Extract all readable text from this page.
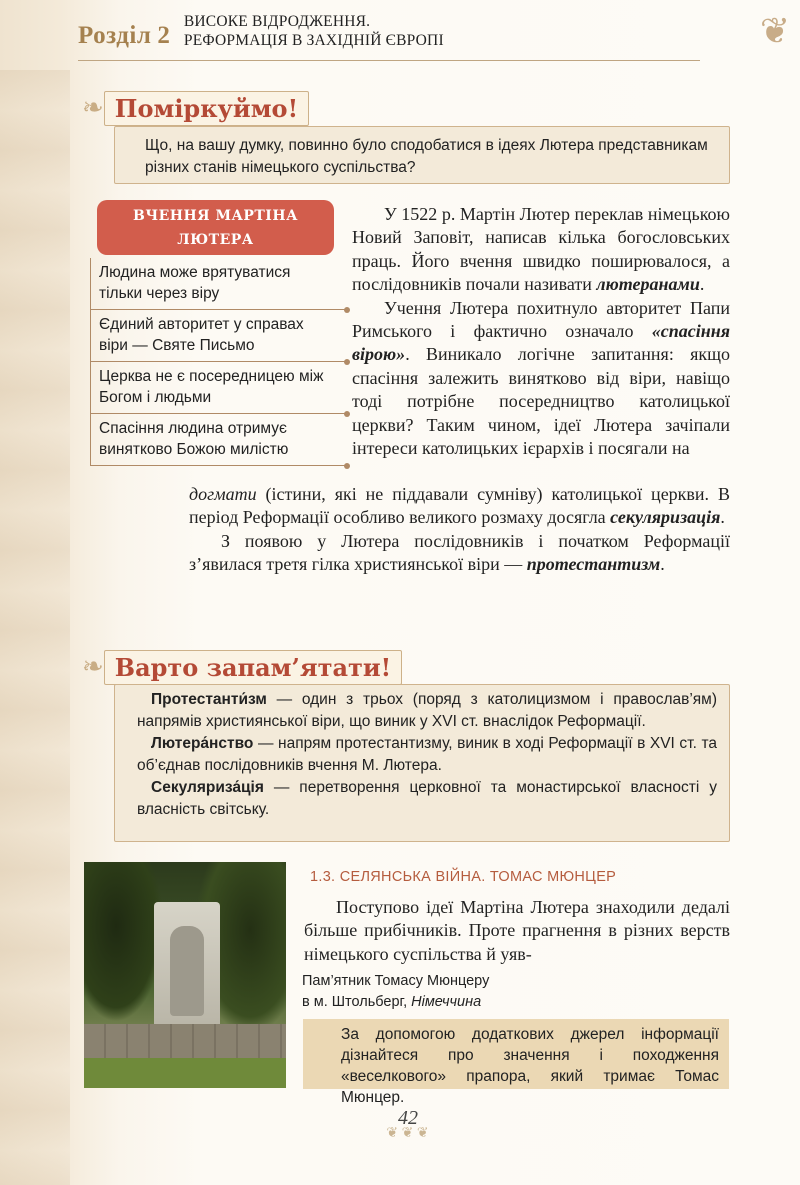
❦
Розділ 2
ВИСОКЕ ВІДРОДЖЕННЯ.
РЕФОРМАЦІЯ В ЗАХІДНІЙ ЄВРОПІ
❧ Поміркуймо!

Що, на вашу думку, повинно було сподобатися в ідеях Лютера представникам різних станів німецького суспільства?

ВЧЕННЯ МАРТІНА
ЛЮТЕРА
Людина може врятуватися тільки через віру
Єдиний авторитет у справах віри — Святе Письмо
Церква не є посередницею між Богом і людьми
Спасіння людина отримує винятково Божою милістю

У 1522 р. Мартін Лютер переклав німецькою Новий Заповіт, написав кілька богословських праць. Його вчення швидко поширювалося, а послідовників почали називати лютеранами.

Учення Лютера похитнуло авторитет Папи Римського і фактично означало «спасіння вірою». Виникало логічне запитання: якщо спасіння залежить винятково від віри, навіщо тоді потрібне посередництво католицької церкви? Таким чином, ідеї Лютера зачіпали інтереси католицьких ієрархів і посягали на

догмати (істини, які не піддавали сумніву) католицької церкви. В період Реформації особливо великого розмаху досягла секуляризація.

З появою у Лютера послідовників і початком Реформації з’явилася третя гілка християнської віри — протестантизм.

❧ Варто запам’ятати!

Протестанти́зм — один з трьох (поряд з католицизмом і православ’ям) напрямів християнської віри, що виник у XVI ст. внаслідок Реформації.

Лютера́нство — напрям протестантизму, виник в ході Реформації в XVI ст. та об’єднав послідовників вчення М. Лютера.

Секуляриза́ція — перетворення церковної та монастирської власності у власність світську.

1.3. СЕЛЯНСЬКА ВІЙНА. ТОМАС МЮНЦЕР

Поступово ідеї Мартіна Лютера знаходили дедалі більше прибічників. Проте прагнення в різних верств німецького суспільства й уяв-

Пам’ятник Томасу Мюнцеру
в м. Штольберг, Німеччина

За допомогою додаткових джерел інформації дізнайтеся про значення і походження «веселкового» прапора, який тримає Томас Мюнцер.

42
❦ ❦ ❦
